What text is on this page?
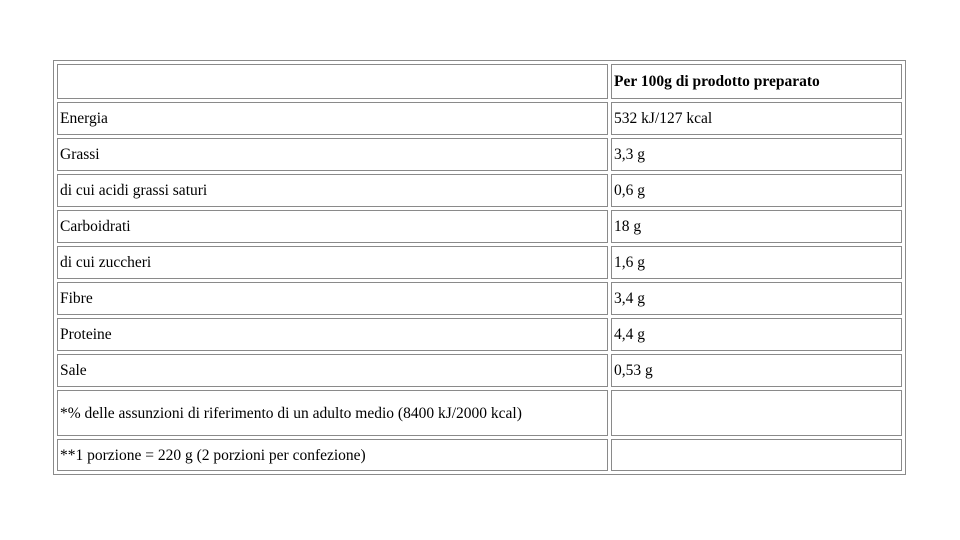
	Per 100g di prodotto preparato
Energia	532 kJ/127 kcal
Grassi	3,3 g
di cui acidi grassi saturi	0,6 g
Carboidrati	18 g
di cui zuccheri	1,6 g
Fibre	3,4 g
Proteine	4,4 g
Sale	0,53 g
*% delle assunzioni di riferimento di un adulto medio (8400 kJ/2000 kcal)	
**1 porzione = 220 g (2 porzioni per confezione)	
